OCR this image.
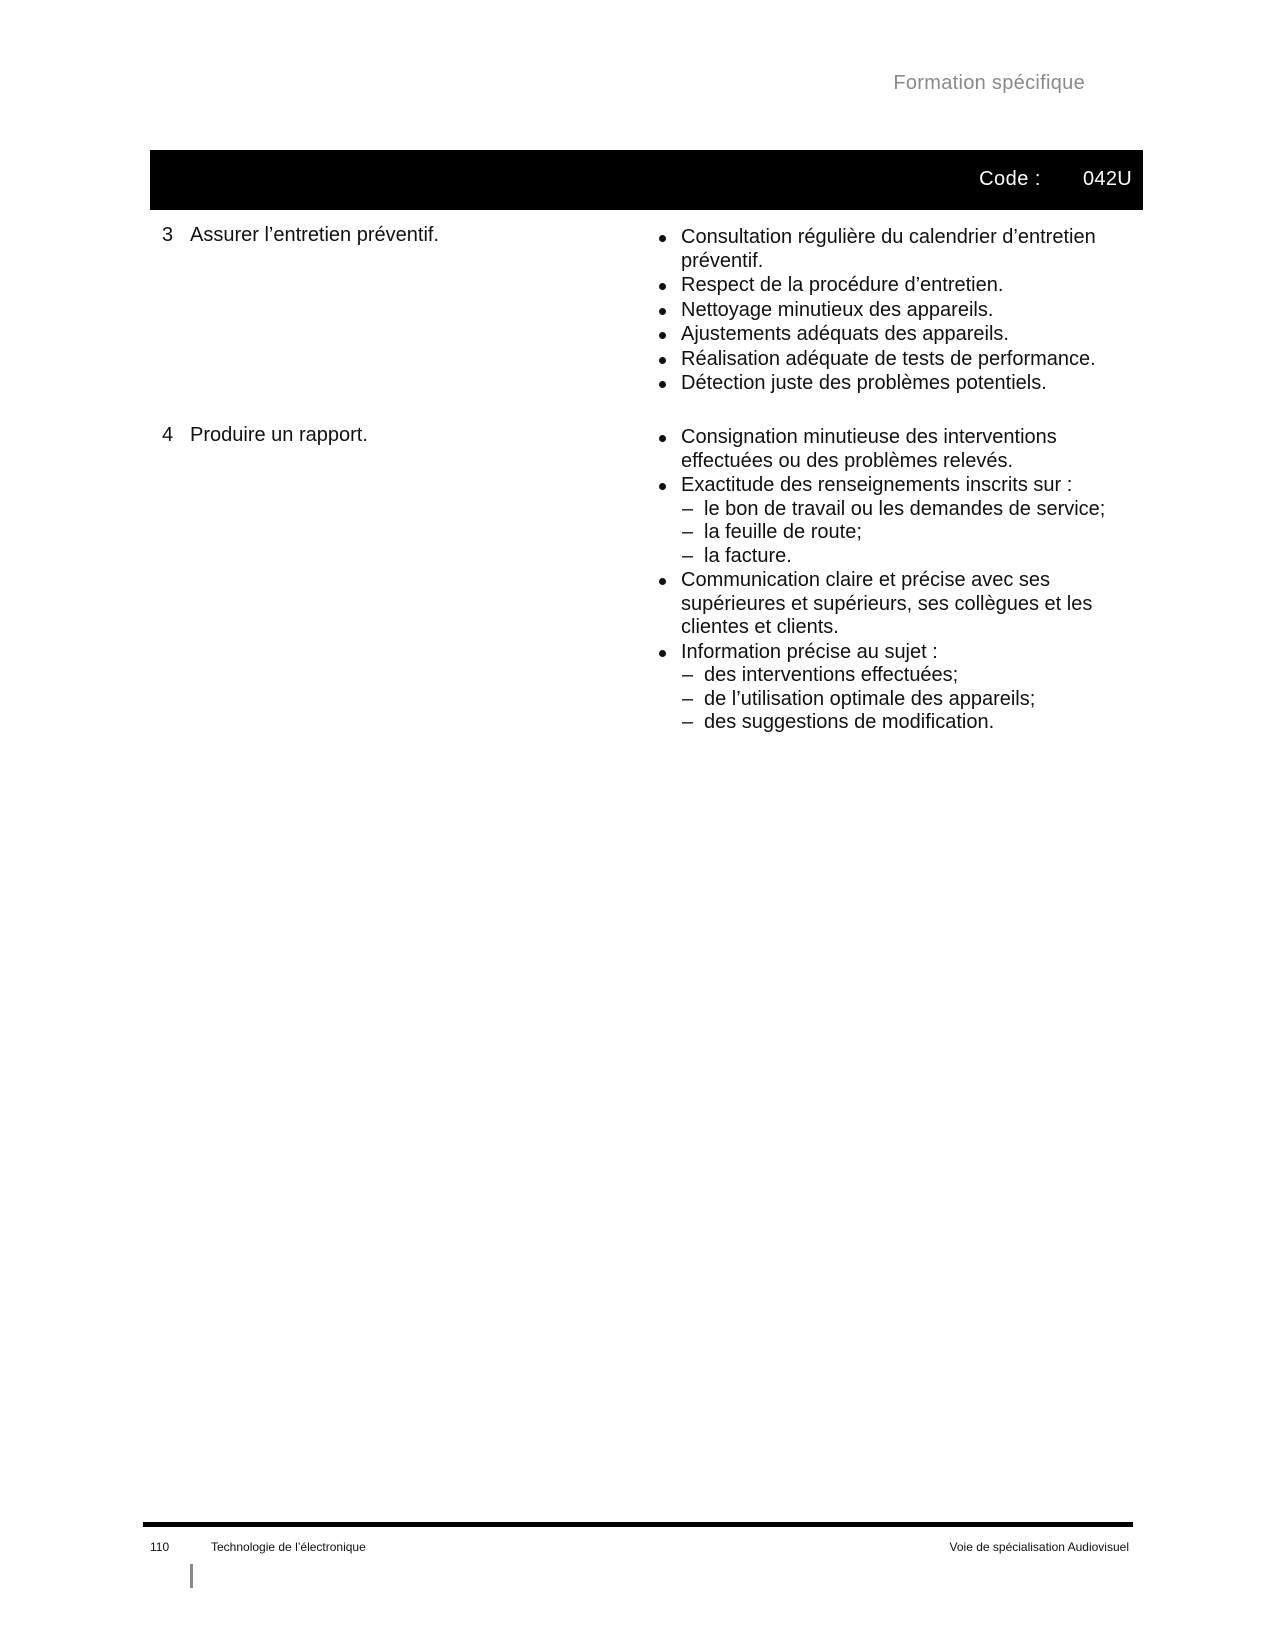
Formation spécifique
Code : 042U
3 Assurer l’entretien préventif.	Consultation régulière du calendrier d’entretien préventif.
Respect de la procédure d’entretien.
Nettoyage minutieux des appareils.
Ajustements adéquats des appareils.
Réalisation adéquate de tests de performance.
Détection juste des problèmes potentiels.
4 Produire un rapport.	Consignation minutieuse des interventions effectuées ou des problèmes relevés.
Exactitude des renseignements inscrits sur :
– le bon de travail ou les demandes de service;
– la feuille de route;
– la facture.
Communication claire et précise avec ses supérieures et supérieurs, ses collègues et les clientes et clients.
Information précise au sujet :
– des interventions effectuées;
– de l’utilisation optimale des appareils;
– des suggestions de modification.
110	Technologie de l’électronique	Voie de spécialisation Audiovisuel
